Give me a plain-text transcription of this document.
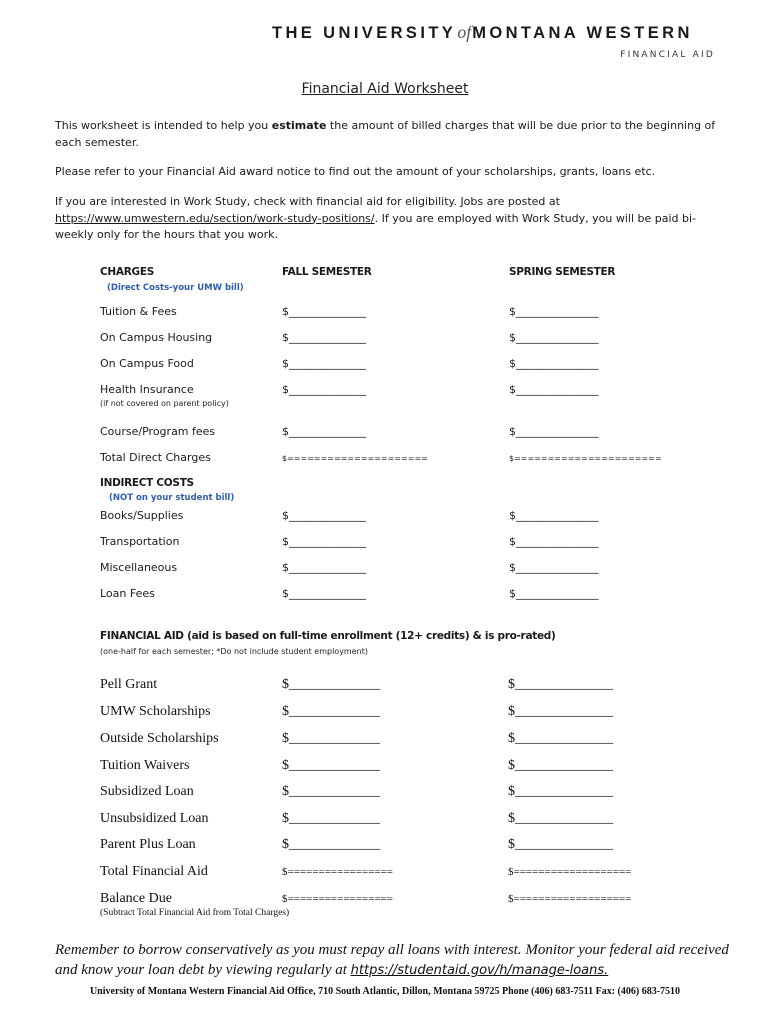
THE UNIVERSITYofMONTANA WESTERN
FINANCIAL AID
Financial Aid Worksheet
This worksheet is intended to help you estimate the amount of billed charges that will be due prior to the beginning of each semester.
Please refer to your Financial Aid award notice to find out the amount of your scholarships, grants, loans etc.
If you are interested in Work Study, check with financial aid for eligibility. Jobs are posted at https://www.umwestern.edu/section/work-study-positions/. If you are employed with Work Study, you will be paid bi-weekly only for the hours that you work.
CHARGES
(Direct Costs-your UMW bill)
FALL SEMESTER	SPRING SEMESTER
Tuition & Fees	$______________	$_______________
On Campus Housing	$______________	$_______________
On Campus Food	$______________	$_______________
Health Insurance	$______________	$_______________
(if not covered on parent policy)
Course/Program fees	$______________	$_______________
Total Direct Charges	$=====================	$======================
INDIRECT COSTS
(NOT on your student bill)
Books/Supplies	$______________	$_______________
Transportation	$______________	$_______________
Miscellaneous	$______________	$_______________
Loan Fees	$______________	$_______________
FINANCIAL AID (aid is based on full-time enrollment (12+ credits) & is pro-rated)
(one-half for each semester; *Do not include student employment)
Pell Grant	$_____________	$______________
UMW Scholarships	$_____________	$______________
Outside Scholarships	$_____________	$______________
Tuition Waivers	$_____________	$______________
Subsidized Loan	$_____________	$______________
Unsubsidized Loan	$_____________	$______________
Parent Plus Loan	$_____________	$______________
Total Financial Aid	$=================	$===================
Balance Due	$=================	$===================
(Subtract Total Financial Aid from Total Charges)
Remember to borrow conservatively as you must repay all loans with interest. Monitor your federal aid received and know your loan debt by viewing regularly at https://studentaid.gov/h/manage-loans.
University of Montana Western Financial Aid Office, 710 South Atlantic, Dillon, Montana 59725 Phone (406) 683-7511 Fax: (406) 683-7510
